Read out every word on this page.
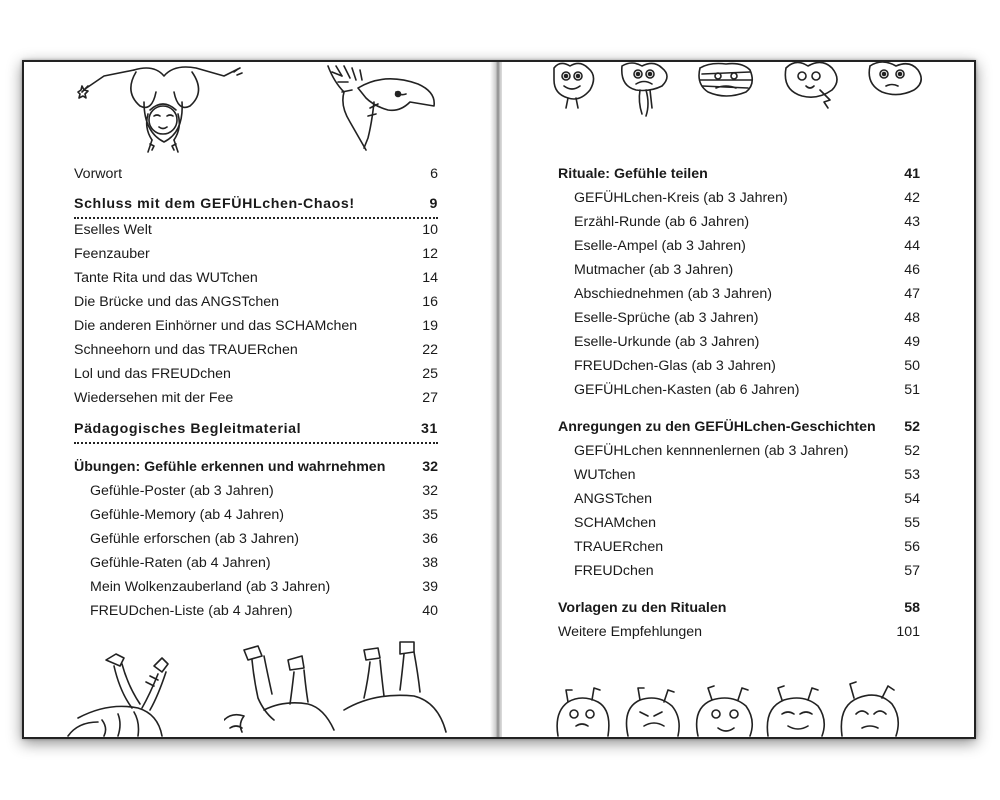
Vorwort	6
Schluss mit dem GEFÜHLchen-Chaos!	9
Eselles Welt	10
Feenzauber	12
Tante Rita und das WUTchen	14
Die Brücke und das ANGSTchen	16
Die anderen Einhörner und das SCHAMchen	19
Schneehorn und das TRAUERchen	22
Lol und das FREUDchen	25
Wiedersehen mit der Fee	27
Pädagogisches Begleitmaterial	31
Übungen: Gefühle erkennen und wahrnehmen	32
Gefühle-Poster (ab 3 Jahren)	32
Gefühle-Memory (ab 4 Jahren)	35
Gefühle erforschen (ab 3 Jahren)	36
Gefühle-Raten (ab 4 Jahren)	38
Mein Wolkenzauberland (ab 3 Jahren)	39
FREUDchen-Liste (ab 4 Jahren)	40
Rituale: Gefühle teilen	41
GEFÜHLchen-Kreis (ab 3 Jahren)	42
Erzähl-Runde (ab 6 Jahren)	43
Eselle-Ampel (ab 3 Jahren)	44
Mutmacher (ab 3 Jahren)	46
Abschiednehmen (ab 3 Jahren)	47
Eselle-Sprüche (ab 3 Jahren)	48
Eselle-Urkunde (ab 3 Jahren)	49
FREUDchen-Glas (ab 3 Jahren)	50
GEFÜHLchen-Kasten (ab 6 Jahren)	51
Anregungen zu den GEFÜHLchen-Geschichten 52
GEFÜHLchen kennnenlernen (ab 3 Jahren)	52
WUTchen	53
ANGSTchen	54
SCHAMchen	55
TRAUERchen	56
FREUDchen	57
Vorlagen zu den Ritualen	58
Weitere Empfehlungen	101
